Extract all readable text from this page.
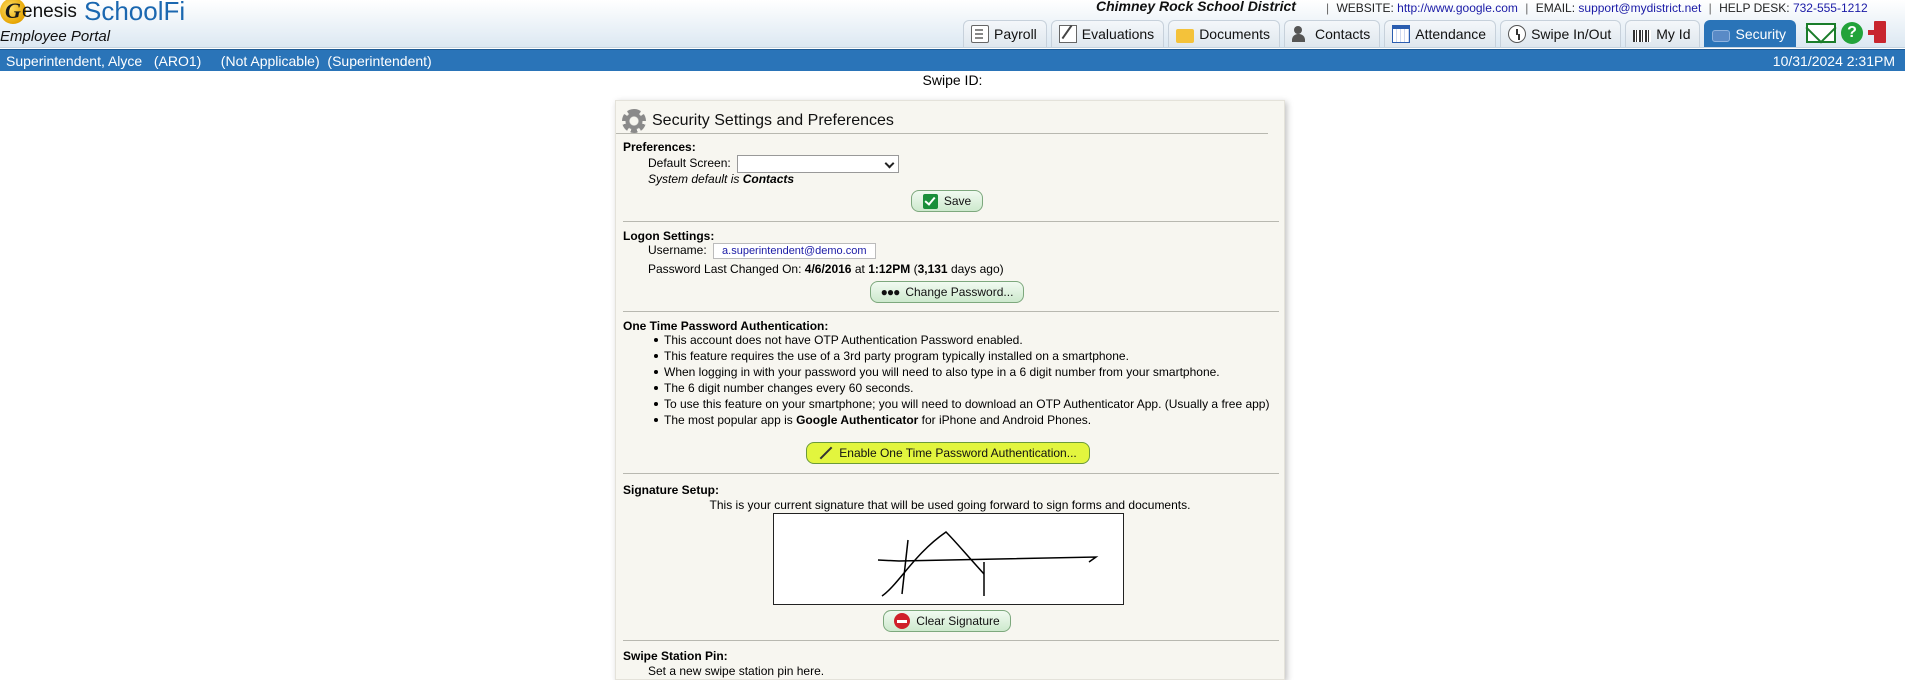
G enesis SchoolFi
Employee Portal
Chimney Rock School District	| WEBSITE: http://www.google.com | EMAIL: support@mydistrict.net | HELP DESK: 732-555-1212
Payroll	Evaluations	Documents	Contacts	Attendance	Swipe In/Out	My Id	Security	?
Superintendent, Alyce (ARO1) (Not Applicable) (Superintendent)	10/31/2024 2:31PM
Swipe ID:
Security Settings and Preferences
Preferences:
Default Screen:
System default is Contacts
Save
Logon Settings:
Username: a.superintendent@demo.com
Password Last Changed On: 4/6/2016 at 1:12PM (3,131 days ago)
●●● Change Password...
One Time Password Authentication:
This account does not have OTP Authentication Password enabled.
This feature requires the use of a 3rd party program typically installed on a smartphone.
When logging in with your password you will need to also type in a 6 digit number from your smartphone.
The 6 digit number changes every 60 seconds.
To use this feature on your smartphone; you will need to download an OTP Authenticator App. (Usually a free app)
The most popular app is Google Authenticator for iPhone and Android Phones.
Enable One Time Password Authentication...
Signature Setup:
This is your current signature that will be used going forward to sign forms and documents.
Clear Signature
Swipe Station Pin:
Set a new swipe station pin here.
